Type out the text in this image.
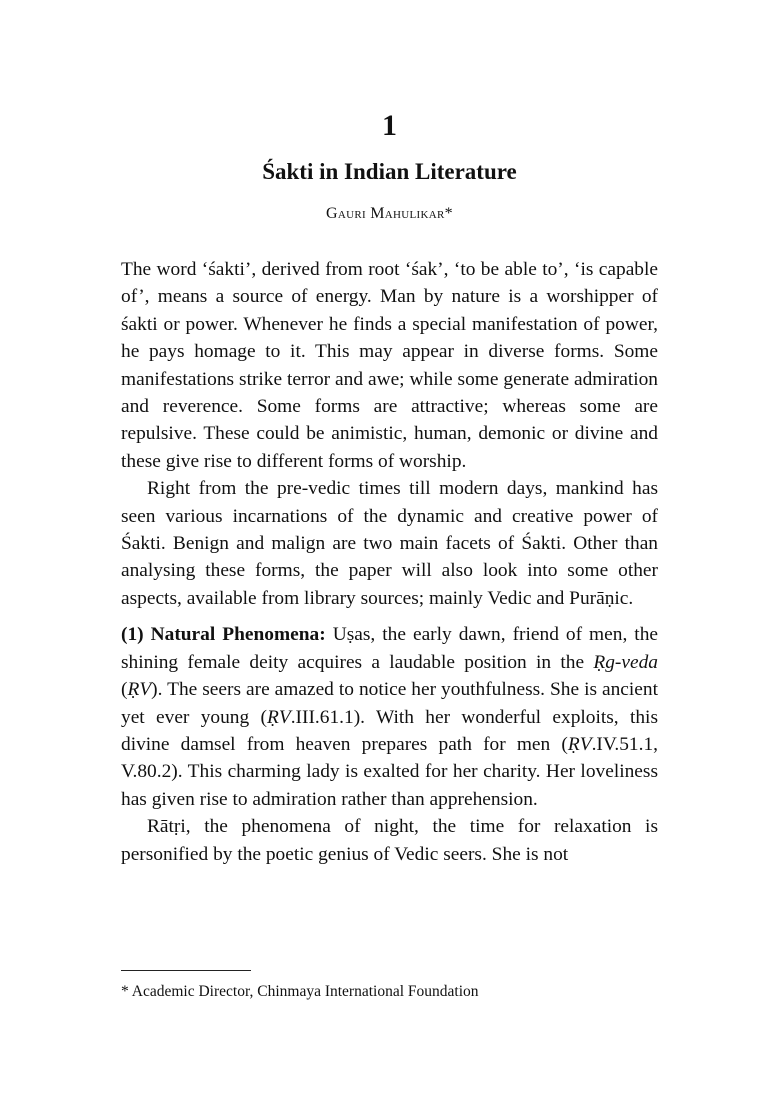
1
Śakti in Indian Literature
Gauri Mahulikar*

The word ‘śakti’, derived from root ‘śak’, ‘to be able to’, ‘is capable of’, means a source of energy. Man by nature is a worshipper of śakti or power. Whenever he finds a special manifestation of power, he pays homage to it. This may appear in diverse forms. Some manifestations strike terror and awe; while some generate admiration and reverence. Some forms are attractive; whereas some are repulsive. These could be animistic, human, demonic or divine and these give rise to different forms of worship.

Right from the pre-vedic times till modern days, mankind has seen various incarnations of the dynamic and creative power of Śakti. Benign and malign are two main facets of Śakti. Other than analysing these forms, the paper will also look into some other aspects, available from library sources; mainly Vedic and Purāṇic.

(1) Natural Phenomena: Uṣas, the early dawn, friend of men, the shining female deity acquires a laudable position in the Ṛg-veda (ṚV). The seers are amazed to notice her youthfulness. She is ancient yet ever young (ṚV.III.61.1). With her wonderful exploits, this divine damsel from heaven prepares path for men (ṚV.IV.51.1, V.80.2). This charming lady is exalted for her charity. Her loveliness has given rise to admiration rather than apprehension.

Rātṛi, the phenomena of night, the time for relaxation is personified by the poetic genius of Vedic seers. She is not

* Academic Director, Chinmaya International Foundation
